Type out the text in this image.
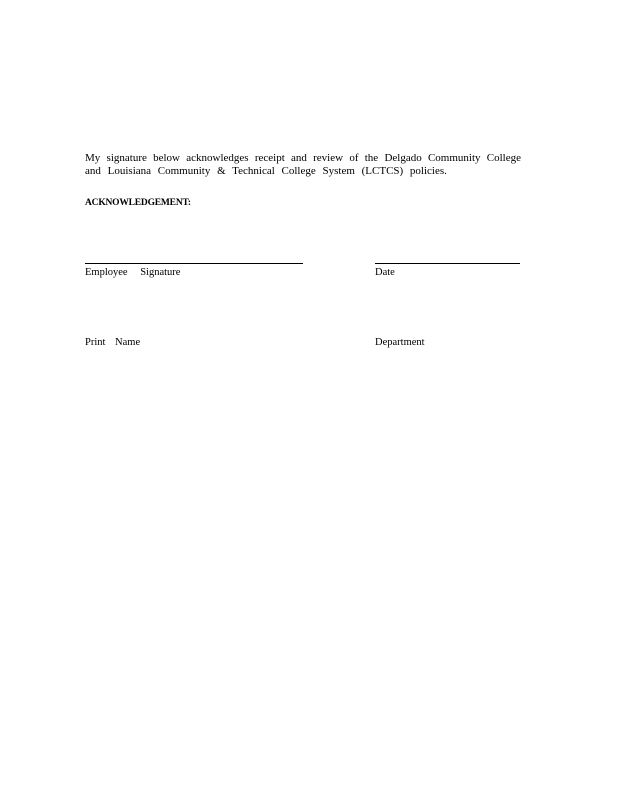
My signature below acknowledges receipt and review of the Delgado Community College
and Louisiana Community & Technical College System (LCTCS) policies.
ACKNOWLEDGEMENT:
Employee Signature	Date
Print Name	Department
